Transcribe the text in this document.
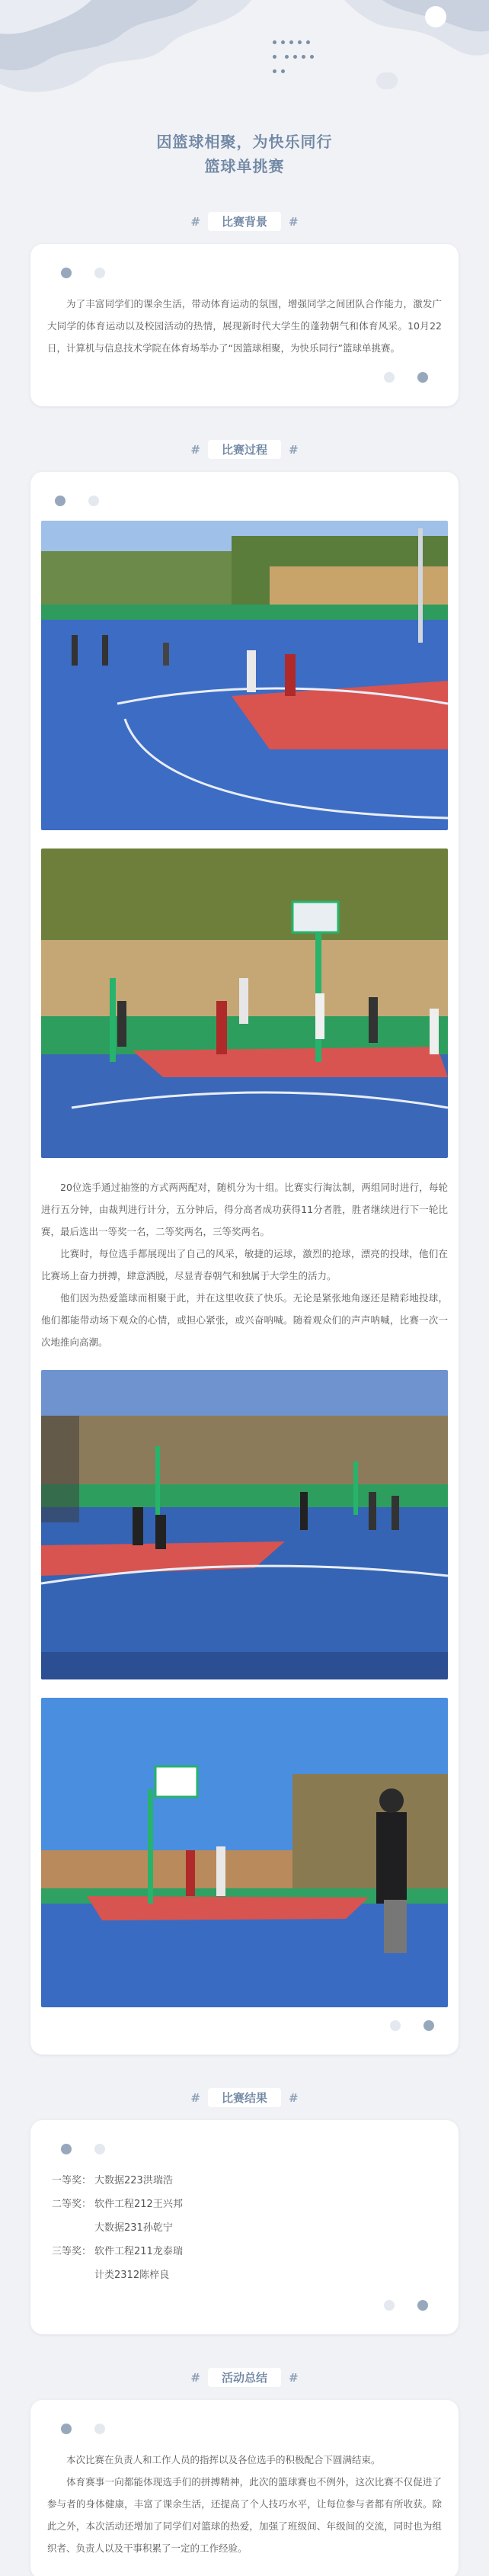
因篮球相聚，为快乐同行
篮球单挑赛
# 比赛背景 #

为了丰富同学们的课余生活，带动体育运动的氛围，增强同学之间团队合作能力，激发广大同学的体育运动以及校园活动的热情，展现新时代大学生的蓬勃朝气和体育风采。10月22日，计算机与信息技术学院在体育场举办了“因篮球相聚，为快乐同行”篮球单挑赛。

# 比赛过程 #

20位选手通过抽签的方式两两配对，随机分为十组。比赛实行淘汰制，两组同时进行，每轮进行五分钟，由裁判进行计分，五分钟后，得分高者成功获得11分者胜，胜者继续进行下一轮比赛，最后选出一等奖一名，二等奖两名，三等奖两名。

比赛时，每位选手都展现出了自己的风采，敏捷的运球，激烈的抢球，漂亮的投球，他们在比赛场上奋力拼搏，肆意洒脱，尽显青春朝气和独属于大学生的活力。

他们因为热爱篮球而相聚于此，并在这里收获了快乐。无论是紧张地角逐还是精彩地投球，他们都能带动场下观众的心情，或担心紧张，或兴奋呐喊。随着观众们的声声呐喊，比赛一次一次地推向高潮。

# 比赛结果 #
一等奖： 大数据223洪瑞浩
二等奖： 软件工程212王兴邦
大数据231孙乾宁
三等奖： 软件工程211龙泰瑞
计类2312陈梓良
# 活动总结 #

本次比赛在负责人和工作人员的指挥以及各位选手的积极配合下圆满结束。

体育赛事一向都能体现选手们的拼搏精神，此次的篮球赛也不例外，这次比赛不仅促进了参与者的身体健康，丰富了课余生活，还提高了个人技巧水平，让每位参与者都有所收获。除此之外，本次活动还增加了同学们对篮球的热爱，加强了班级间、年级间的交流，同时也为组织者、负责人以及干事积累了一定的工作经验。
